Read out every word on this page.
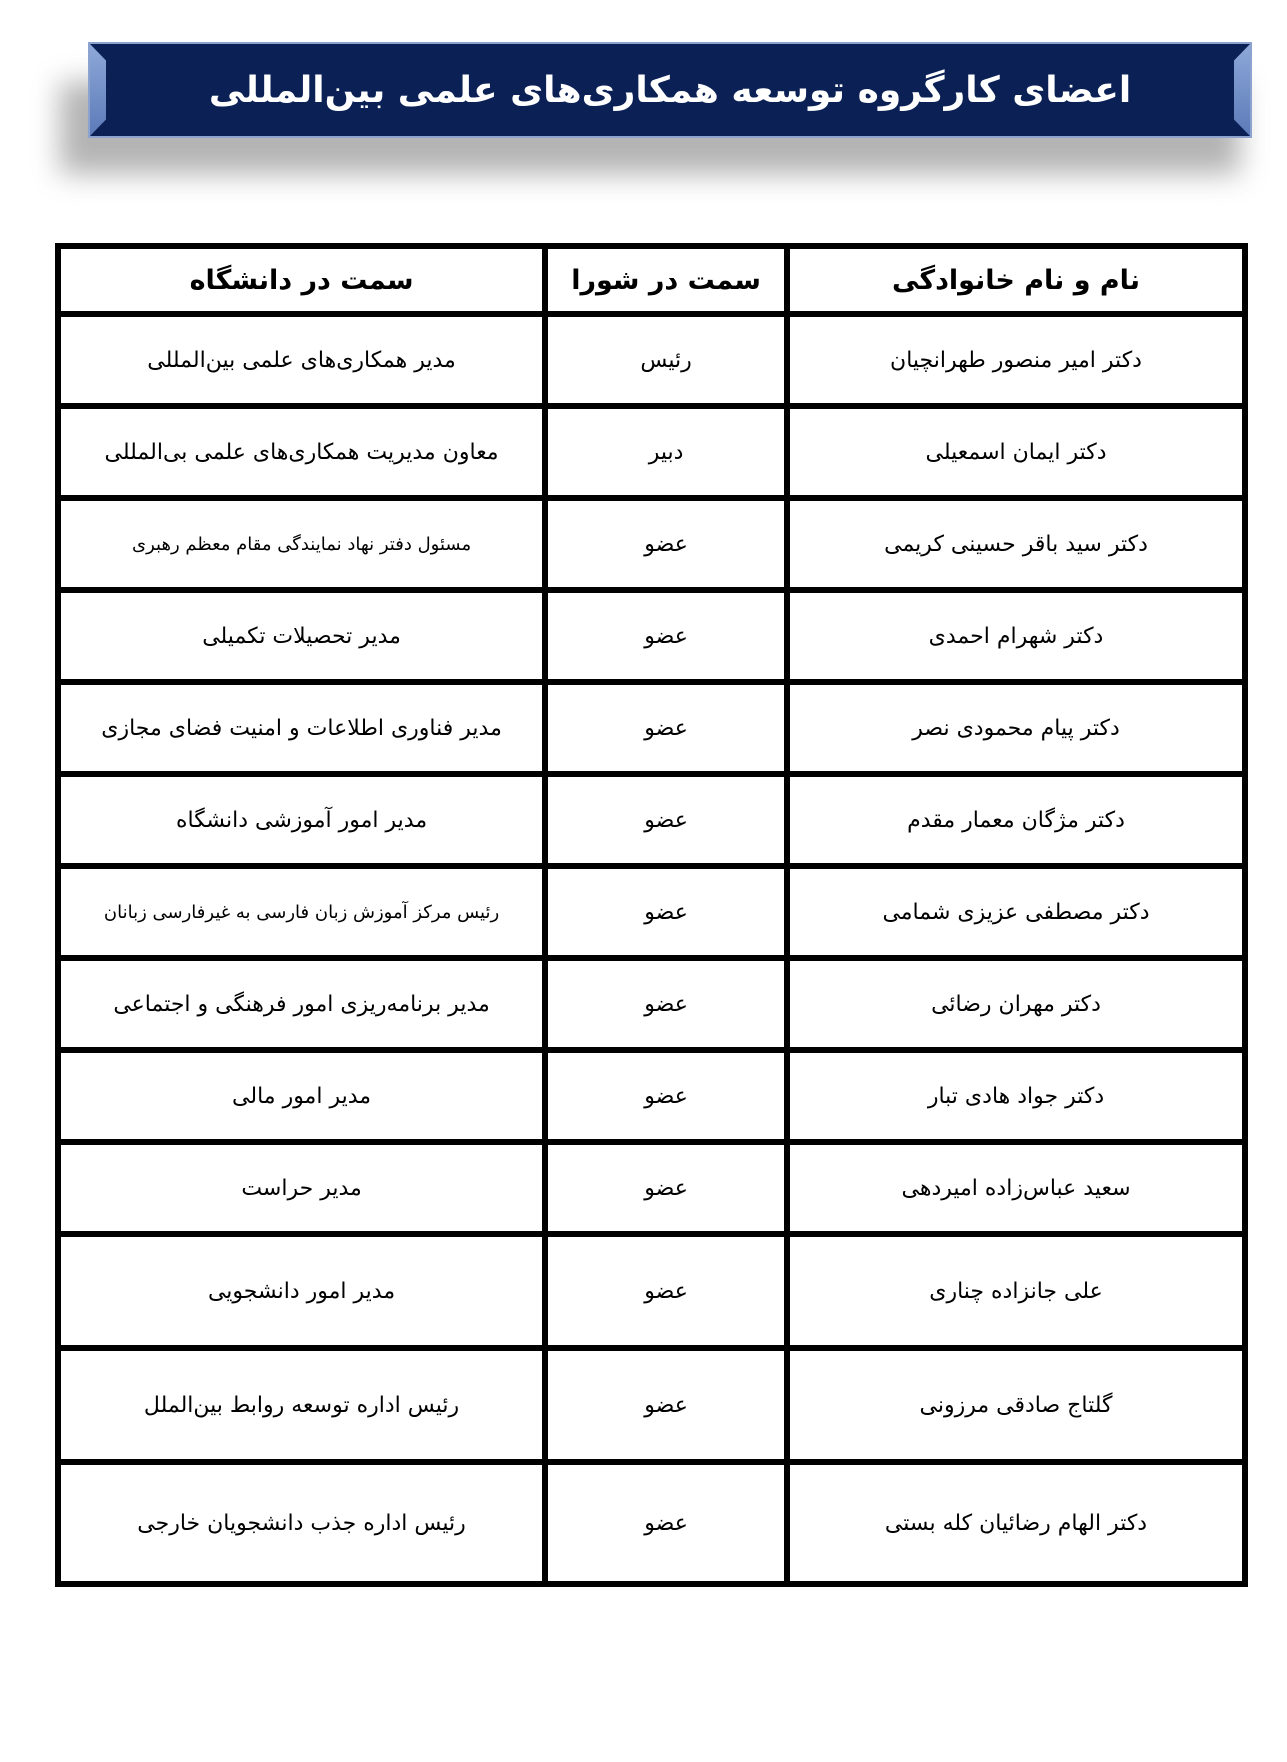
اعضای کارگروه توسعه همکاری‌های علمی بین‌المللی
نام و نام خانوادگی	سمت در شورا	سمت در دانشگاه
دکتر امیر منصور طهرانچیان	رئیس	مدیر همکاری‌های علمی بین‌المللی
دکتر ایمان اسمعیلی	دبیر	معاون مدیریت همکاری‌های علمی بی‌المللی
دکتر سید باقر حسینی کریمی	عضو	مسئول دفتر نهاد نمایندگی مقام معظم رهبری
دکتر شهرام احمدی	عضو	مدیر تحصیلات تکمیلی
دکتر پیام محمودی نصر	عضو	مدیر فناوری اطلاعات و امنیت فضای مجازی
دکتر مژگان معمار مقدم	عضو	مدیر امور آموزشی دانشگاه
دکتر مصطفی عزیزی شمامی	عضو	رئیس مرکز آموزش زبان فارسی به غیرفارسی زبانان
دکتر مهران رضائی	عضو	مدیر برنامه‌ریزی امور فرهنگی و اجتماعی
دکتر جواد هادی تبار	عضو	مدیر امور مالی
سعید عباس‌زاده امیردهی	عضو	مدیر حراست
علی جانزاده چناری	عضو	مدیر امور دانشجویی
گلتاج صادقی مرزونی	عضو	رئیس اداره توسعه روابط بین‌الملل
دکتر الهام رضائیان کله بستی	عضو	رئیس اداره جذب دانشجویان خارجی
